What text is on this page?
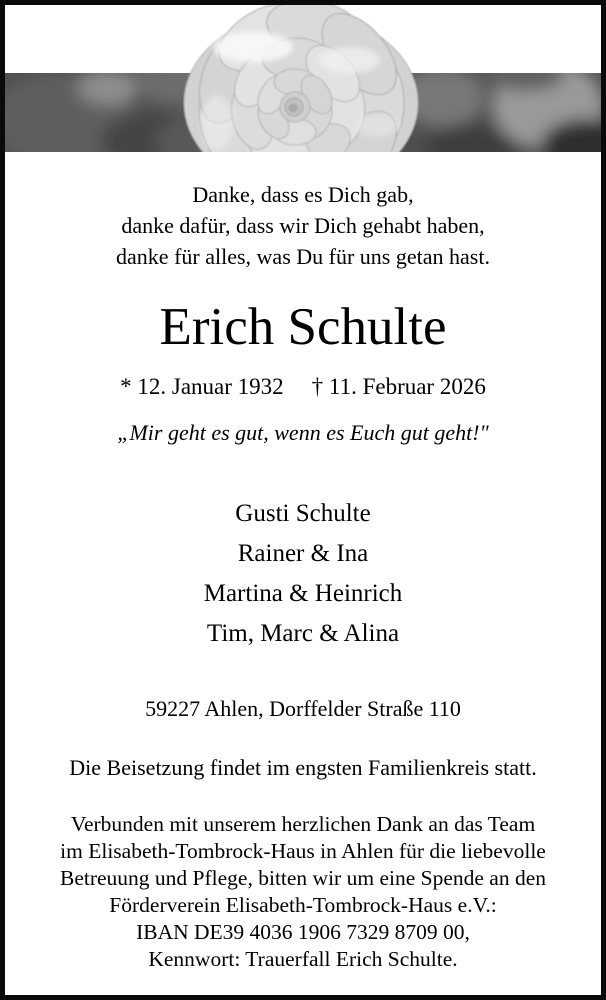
Danke, dass es Dich gab,
danke dafür, dass wir Dich gehabt haben,
danke für alles, was Du für uns getan hast.
Erich Schulte
* 12. Januar 1932 † 11. Februar 2026
„Mir geht es gut, wenn es Euch gut geht!"
Gusti Schulte
Rainer & Ina
Martina & Heinrich
Tim, Marc & Alina
59227 Ahlen, Dorffelder Straße 110
Die Beisetzung findet im engsten Familienkreis statt.
Verbunden mit unserem herzlichen Dank an das Team
im Elisabeth-Tombrock-Haus in Ahlen für die liebevolle
Betreuung und Pflege, bitten wir um eine Spende an den
Förderverein Elisabeth-Tombrock-Haus e.V.:
IBAN DE39 4036 1906 7329 8709 00,
Kennwort: Trauerfall Erich Schulte.
